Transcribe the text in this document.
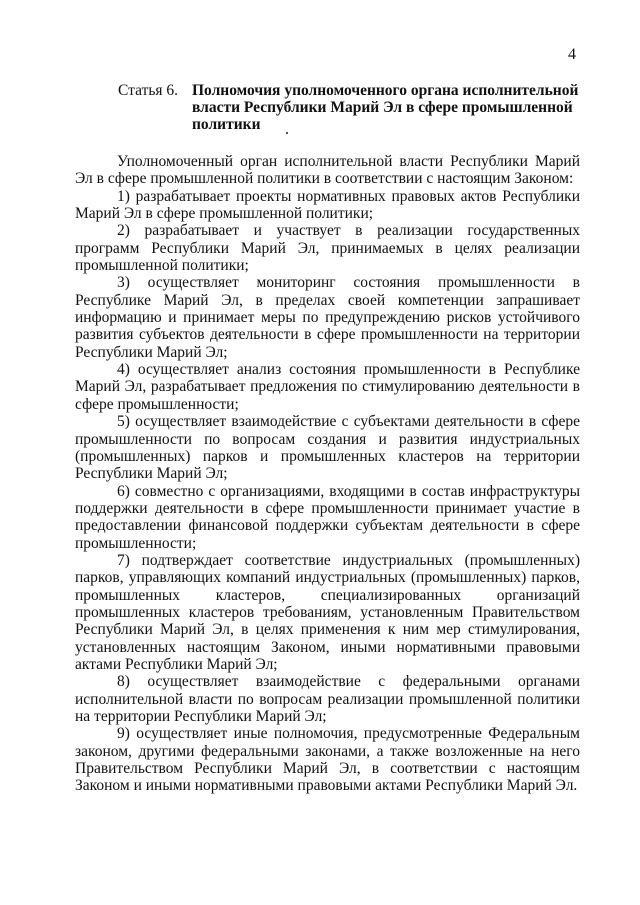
4
Статья 6. Полномочия уполномоченного органа исполнительной власти Республики Марий Эл в сфере промышленной политики

Уполномоченный орган исполнительной власти Республики Марий Эл в сфере промышленной политики в соответствии с настоящим Законом:

1) разрабатывает проекты нормативных правовых актов Республики Марий Эл в сфере промышленной политики;

2) разрабатывает и участвует в реализации государственных программ Республики Марий Эл, принимаемых в целях реализации промышленной политики;

3) осуществляет мониторинг состояния промышленности в Республике Марий Эл, в пределах своей компетенции запрашивает информацию и принимает меры по предупреждению рисков устойчивого развития субъектов деятельности в сфере промышленности на территории Республики Марий Эл;

4) осуществляет анализ состояния промышленности в Республике Марий Эл, разрабатывает предложения по стимулированию деятельности в сфере промышленности;

5) осуществляет взаимодействие с субъектами деятельности в сфере промышленности по вопросам создания и развития индустриальных (промышленных) парков и промышленных кластеров на территории Республики Марий Эл;

6) совместно с организациями, входящими в состав инфраструктуры поддержки деятельности в сфере промышленности принимает участие в предоставлении финансовой поддержки субъектам деятельности в сфере промышленности;

7) подтверждает соответствие индустриальных (промышленных) парков, управляющих компаний индустриальных (промышленных) парков, промышленных кластеров, специализированных организаций промышленных кластеров требованиям, установленным Правительством Республики Марий Эл, в целях применения к ним мер стимулирования, установленных настоящим Законом, иными нормативными правовыми актами Республики Марий Эл;

8) осуществляет взаимодействие с федеральными органами исполнительной власти по вопросам реализации промышленной политики на территории Республики Марий Эл;

9) осуществляет иные полномочия, предусмотренные Федеральным законом, другими федеральными законами, а также возложенные на него Правительством Республики Марий Эл, в соответствии с настоящим Законом и иными нормативными правовыми актами Республики Марий Эл.
